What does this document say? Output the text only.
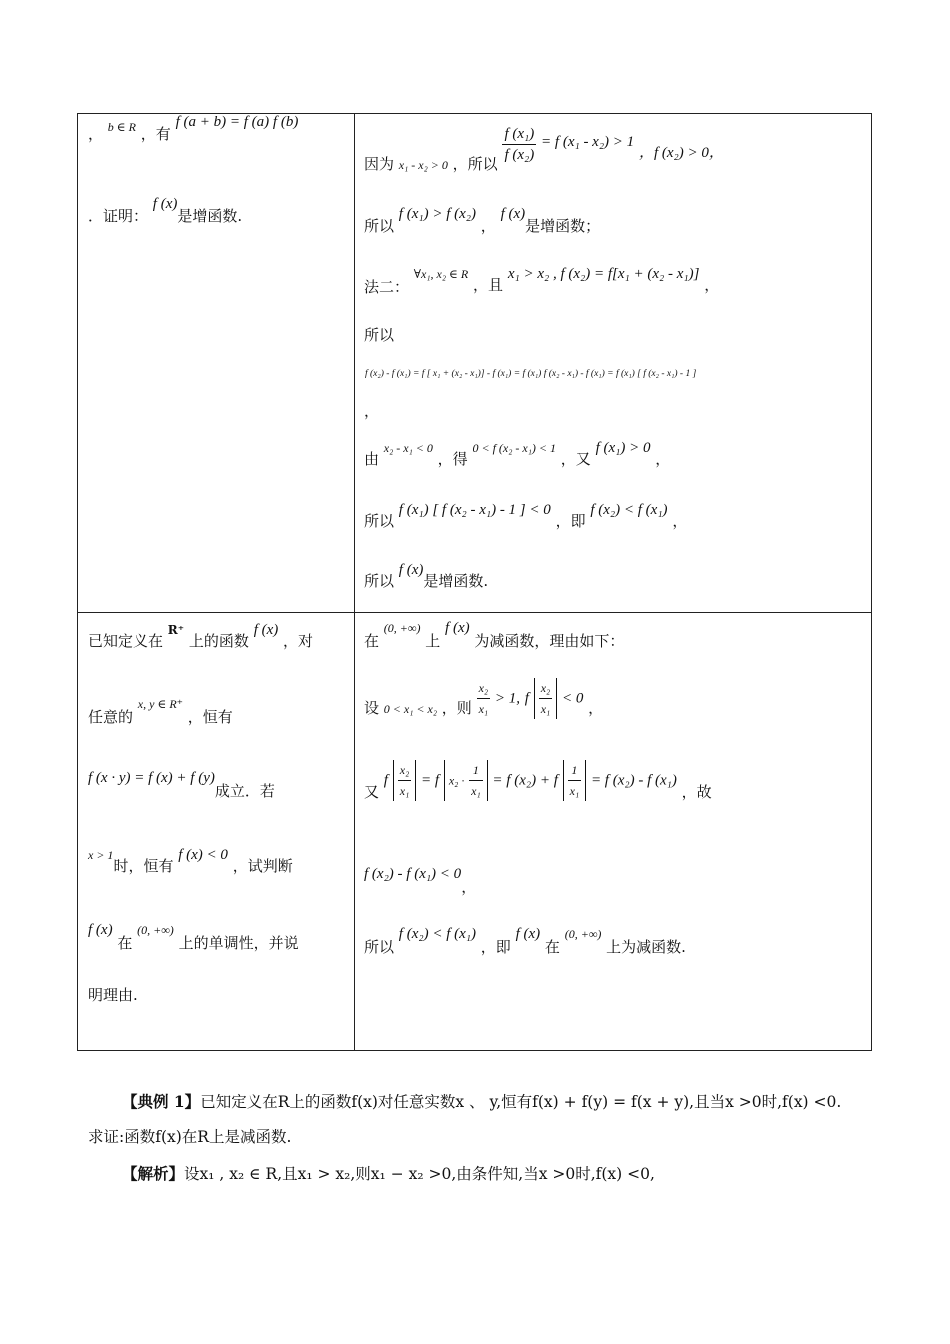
， $^{b \in R}$ ，有 f (a + b) = f (a) f (b)
．证明： f (x)是增函数.
因为 $_{x_1 - x_2 > 0}$ ，所以 $\frac{\text{f (x₁)}}{\text{f (x₂)}} = f$ (x₁ - x₂) > 1 ，f (x₂) > 0，
所以 f (x₁) > f (x₂) ， f (x)是增函数；
法二： ∀x₁, x₂ ∈ R ，且 x₁ > x₂ , f (x₂) = f[x₁ + (x₂ - x₁)] ，
所以
f (x₂) - f (x₁) = f [ x₁ + (x₂ - x₁)] - f (x₁) = f (x₁) f (x₂ - x₁) - f (x₁) = f (x₁) [ f (x₂ - x₁) - 1 ]
，
由 x₂ - x₁ < 0 ，得 0 < f (x₂ - x₁) < 1 ，又 f (x₁) > 0 ，
所以 f (x₁) [ f (x₂ - x₁) - 1 ] < 0 ，即 f (x₂) < f (x₁) ，
所以 f (x)是增函数.
已知定义在 R⁺ 上的函数 f (x) ，对
任意的 x, y ∈ R⁺ ，恒有
f (x · y) = f (x) + f (y)成立．若
x > 1时，恒有 f (x) < 0 ，试判断
f (x) 在 (0, +∞) 上的单调性，并说
明理由.
在 (0, +∞) 上 f (x) 为减函数，理由如下：
设 $_{0 < x_1 < x_2}$ ，则 $\frac{\text{x₂}}{\text{x₁}} > 1$, f $\frac{\text{x₂}}{\text{x₁}} < 0$ ，
又 f $\frac{\text{x₂}}{\text{x₁}} = f$ $x_2 \cdot \frac{1}{\text{x₁}} = f$ (x₂) + f $\frac{1}{\text{x₁}} = f$ (x₂) - f (x₁) ，故
f (x₂) - f (x₁) < 0，
所以 f (x₂) < f (x₁) ，即 f (x) 在 (0, +∞) 上为减函数.
【典例 1】已知定义在R上的函数f(x)对任意实数x 、 y,恒有f(x) + f(y) = f(x + y),且当x >0时,f(x) <0.
求证:函数f(x)在R上是减函数.
【解析】设x₁ , x₂ ∈ R,且x₁ > x₂,则x₁ − x₂ >0,由条件知,当x >0时,f(x) <0,
